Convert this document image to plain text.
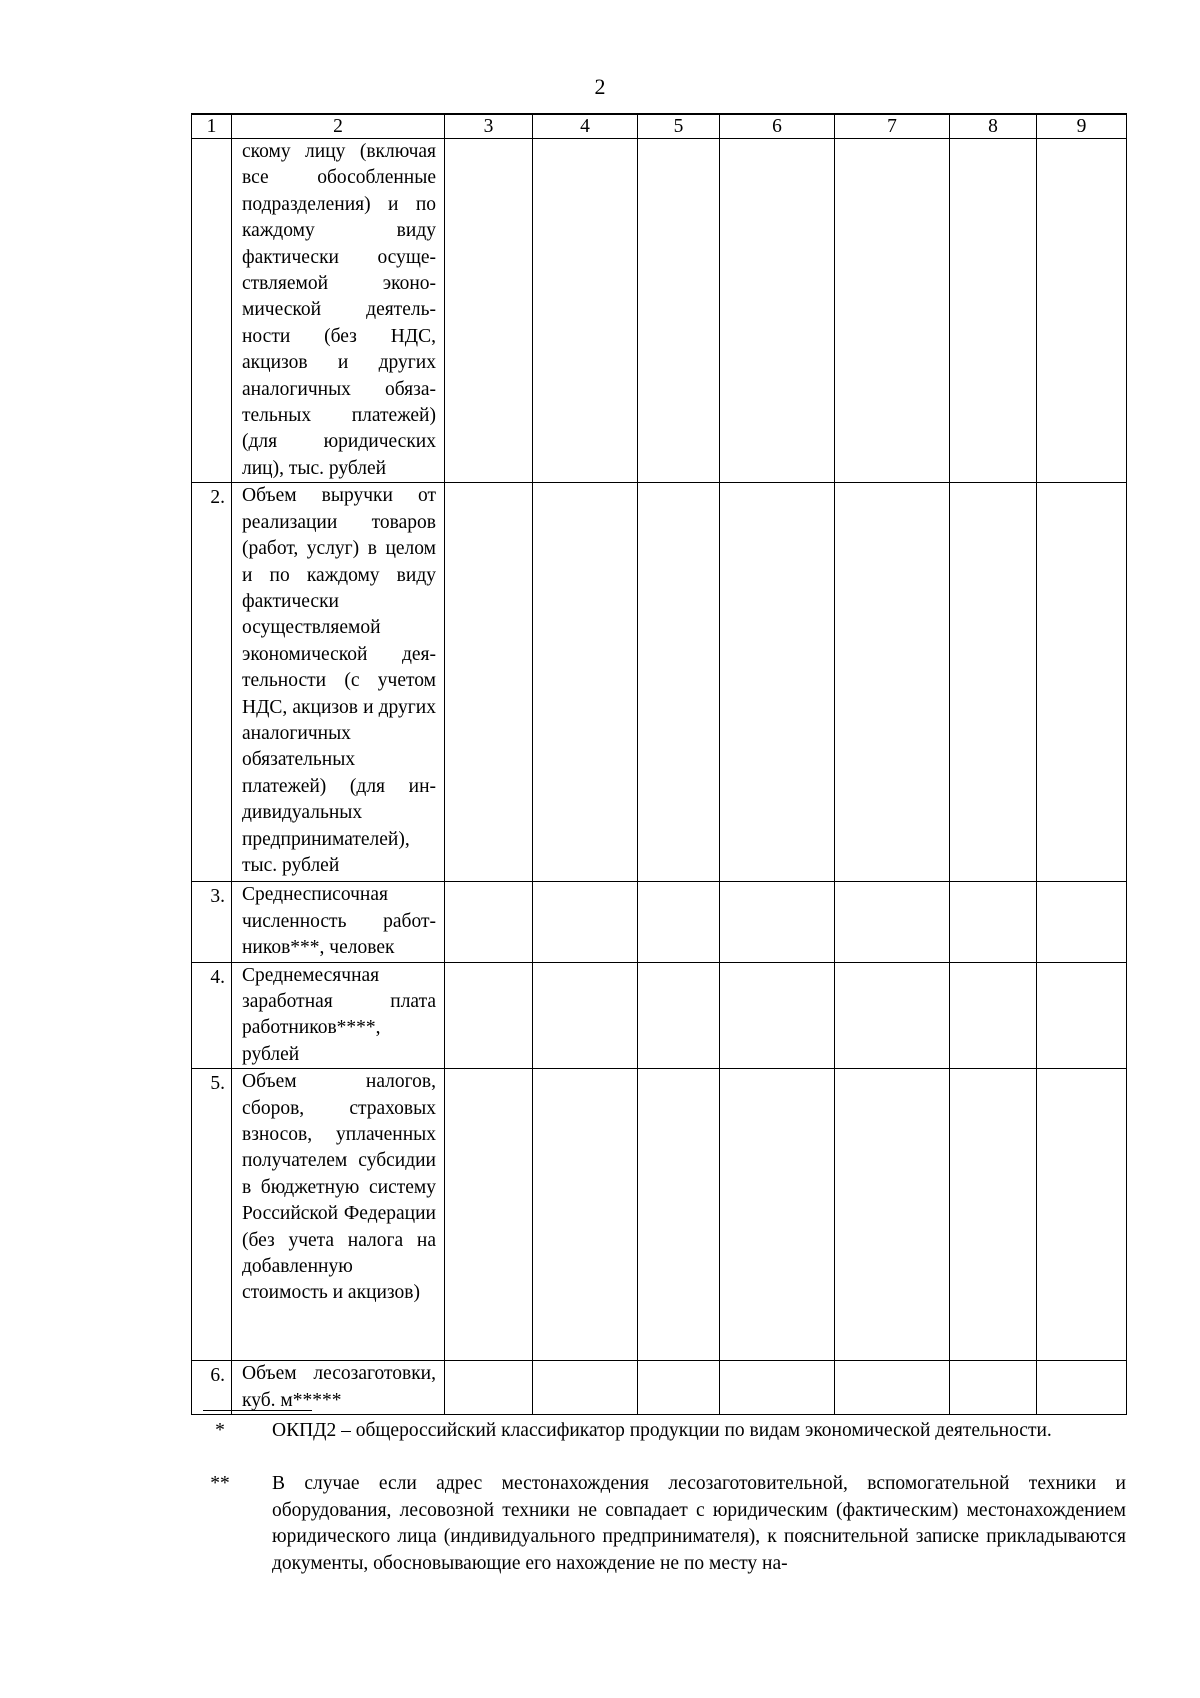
2
1	2	3	4	5	6	7	8	9
	скому лицу (включая все обособленные подразделения) и по каждому виду фактически осуществляемой экономической деятельности (без НДС, акцизов и других аналогичных обязательных платежей) (для юридических лиц), тыс. рублей							
2.	Объем выручки от реализации товаров (работ, услуг) в целом и по каждому виду фактически осуществляемой экономической деятельности (с учетом НДС, акцизов и других аналогичных обязательных платежей) (для индивидуальных предпринимателей), тыс. рублей							
3.	Среднесписочная численность работников***, человек							
4.	Среднемесячная заработная плата работников****, рублей							
5.	Объем налогов, сборов, страховых взносов, уплаченных получателем субсидии в бюджетную систему Российской Федерации (без учета налога на добавленную стоимость и акцизов)							
6.	Объем лесозаготовки, куб. м*****							
*	ОКПД2 – общероссийский классификатор продукции по видам экономической деятельности.
**	В случае если адрес местонахождения лесозаготовительной, вспомогательной техники и оборудования, лесовозной техники не совпадает с юридическим (фактическим) местонахождением юридического лица (индивидуального предпринимателя), к пояснительной записке прикладываются документы, обосновывающие его нахождение не по месту на-
